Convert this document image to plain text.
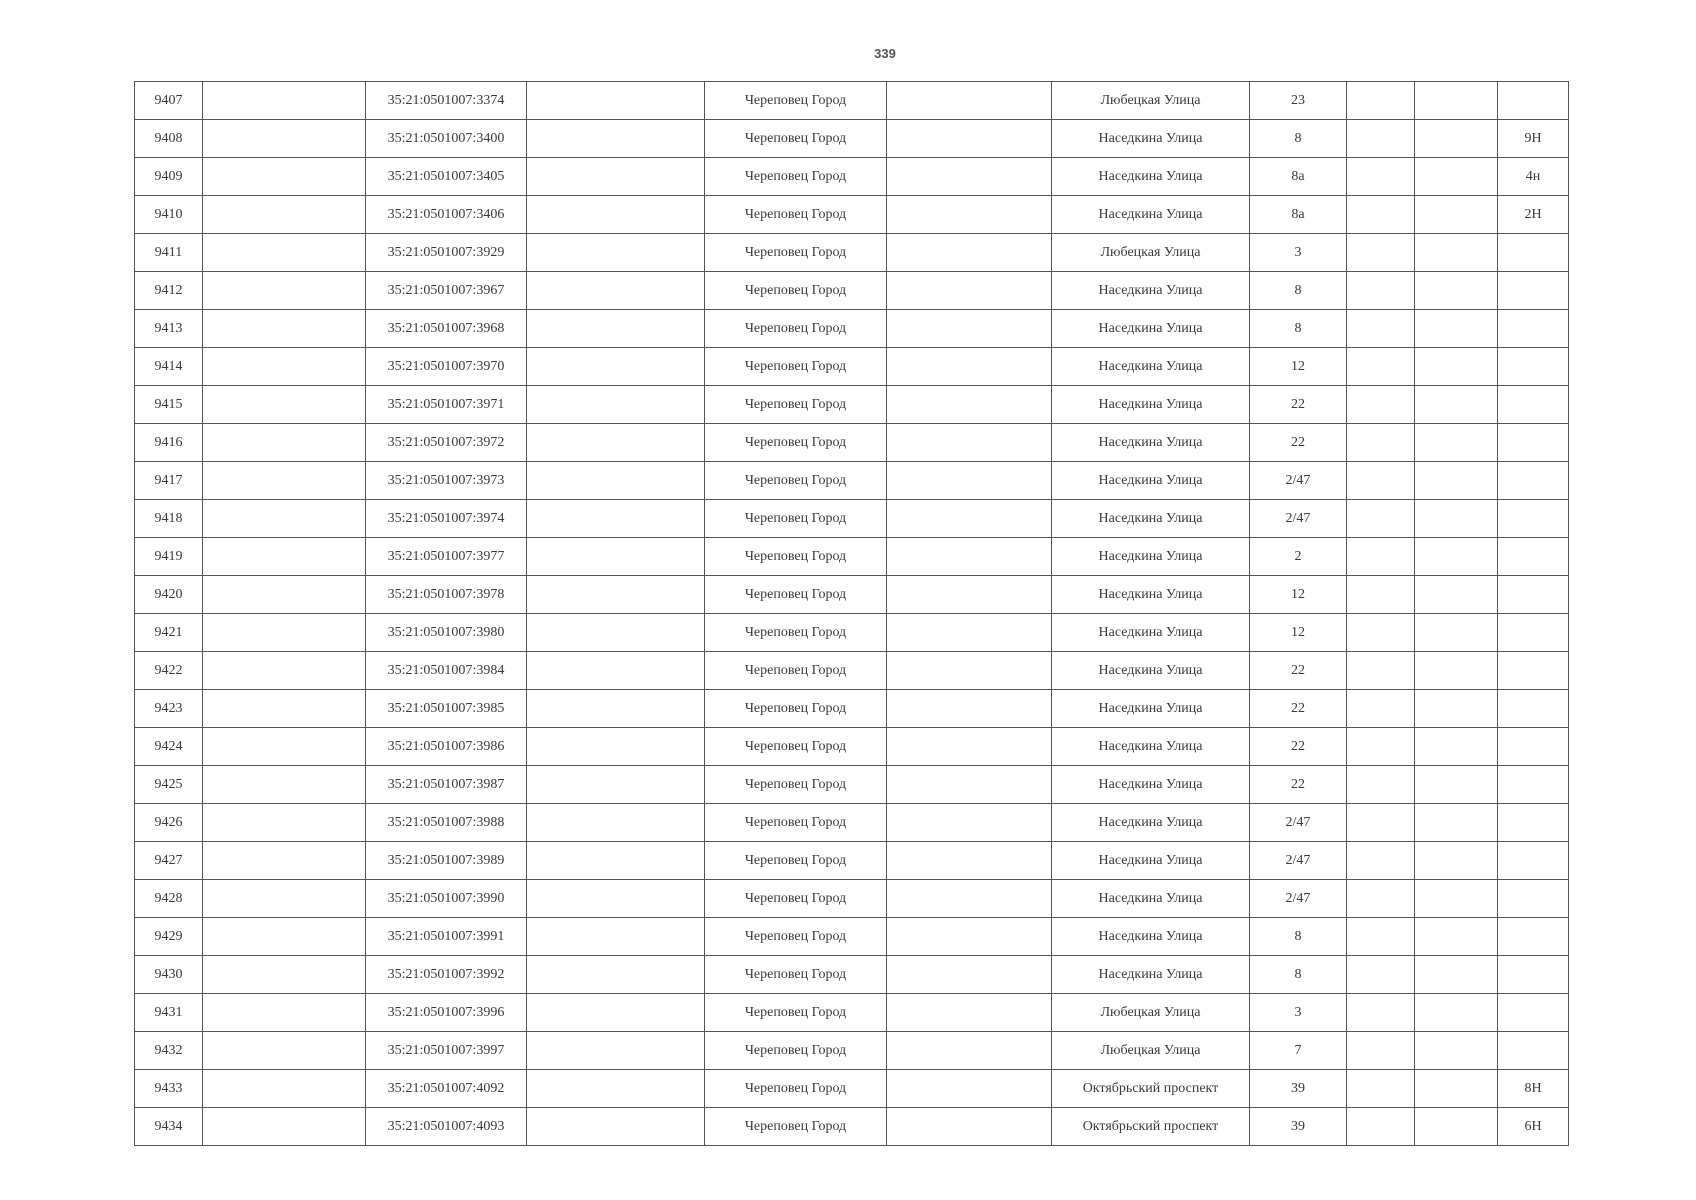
339
9407		35:21:0501007:3374		Череповец Город		Любецкая Улица	23			
9408		35:21:0501007:3400		Череповец Город		Наседкина Улица	8			9Н
9409		35:21:0501007:3405		Череповец Город		Наседкина Улица	8а			4н
9410		35:21:0501007:3406		Череповец Город		Наседкина Улица	8а			2Н
9411		35:21:0501007:3929		Череповец Город		Любецкая Улица	3			
9412		35:21:0501007:3967		Череповец Город		Наседкина Улица	8			
9413		35:21:0501007:3968		Череповец Город		Наседкина Улица	8			
9414		35:21:0501007:3970		Череповец Город		Наседкина Улица	12			
9415		35:21:0501007:3971		Череповец Город		Наседкина Улица	22			
9416		35:21:0501007:3972		Череповец Город		Наседкина Улица	22			
9417		35:21:0501007:3973		Череповец Город		Наседкина Улица	2/47			
9418		35:21:0501007:3974		Череповец Город		Наседкина Улица	2/47			
9419		35:21:0501007:3977		Череповец Город		Наседкина Улица	2			
9420		35:21:0501007:3978		Череповец Город		Наседкина Улица	12			
9421		35:21:0501007:3980		Череповец Город		Наседкина Улица	12			
9422		35:21:0501007:3984		Череповец Город		Наседкина Улица	22			
9423		35:21:0501007:3985		Череповец Город		Наседкина Улица	22			
9424		35:21:0501007:3986		Череповец Город		Наседкина Улица	22			
9425		35:21:0501007:3987		Череповец Город		Наседкина Улица	22			
9426		35:21:0501007:3988		Череповец Город		Наседкина Улица	2/47			
9427		35:21:0501007:3989		Череповец Город		Наседкина Улица	2/47			
9428		35:21:0501007:3990		Череповец Город		Наседкина Улица	2/47			
9429		35:21:0501007:3991		Череповец Город		Наседкина Улица	8			
9430		35:21:0501007:3992		Череповец Город		Наседкина Улица	8			
9431		35:21:0501007:3996		Череповец Город		Любецкая Улица	3			
9432		35:21:0501007:3997		Череповец Город		Любецкая Улица	7			
9433		35:21:0501007:4092		Череповец Город		Октябрьский проспект	39			8Н
9434		35:21:0501007:4093		Череповец Город		Октябрьский проспект	39			6Н
